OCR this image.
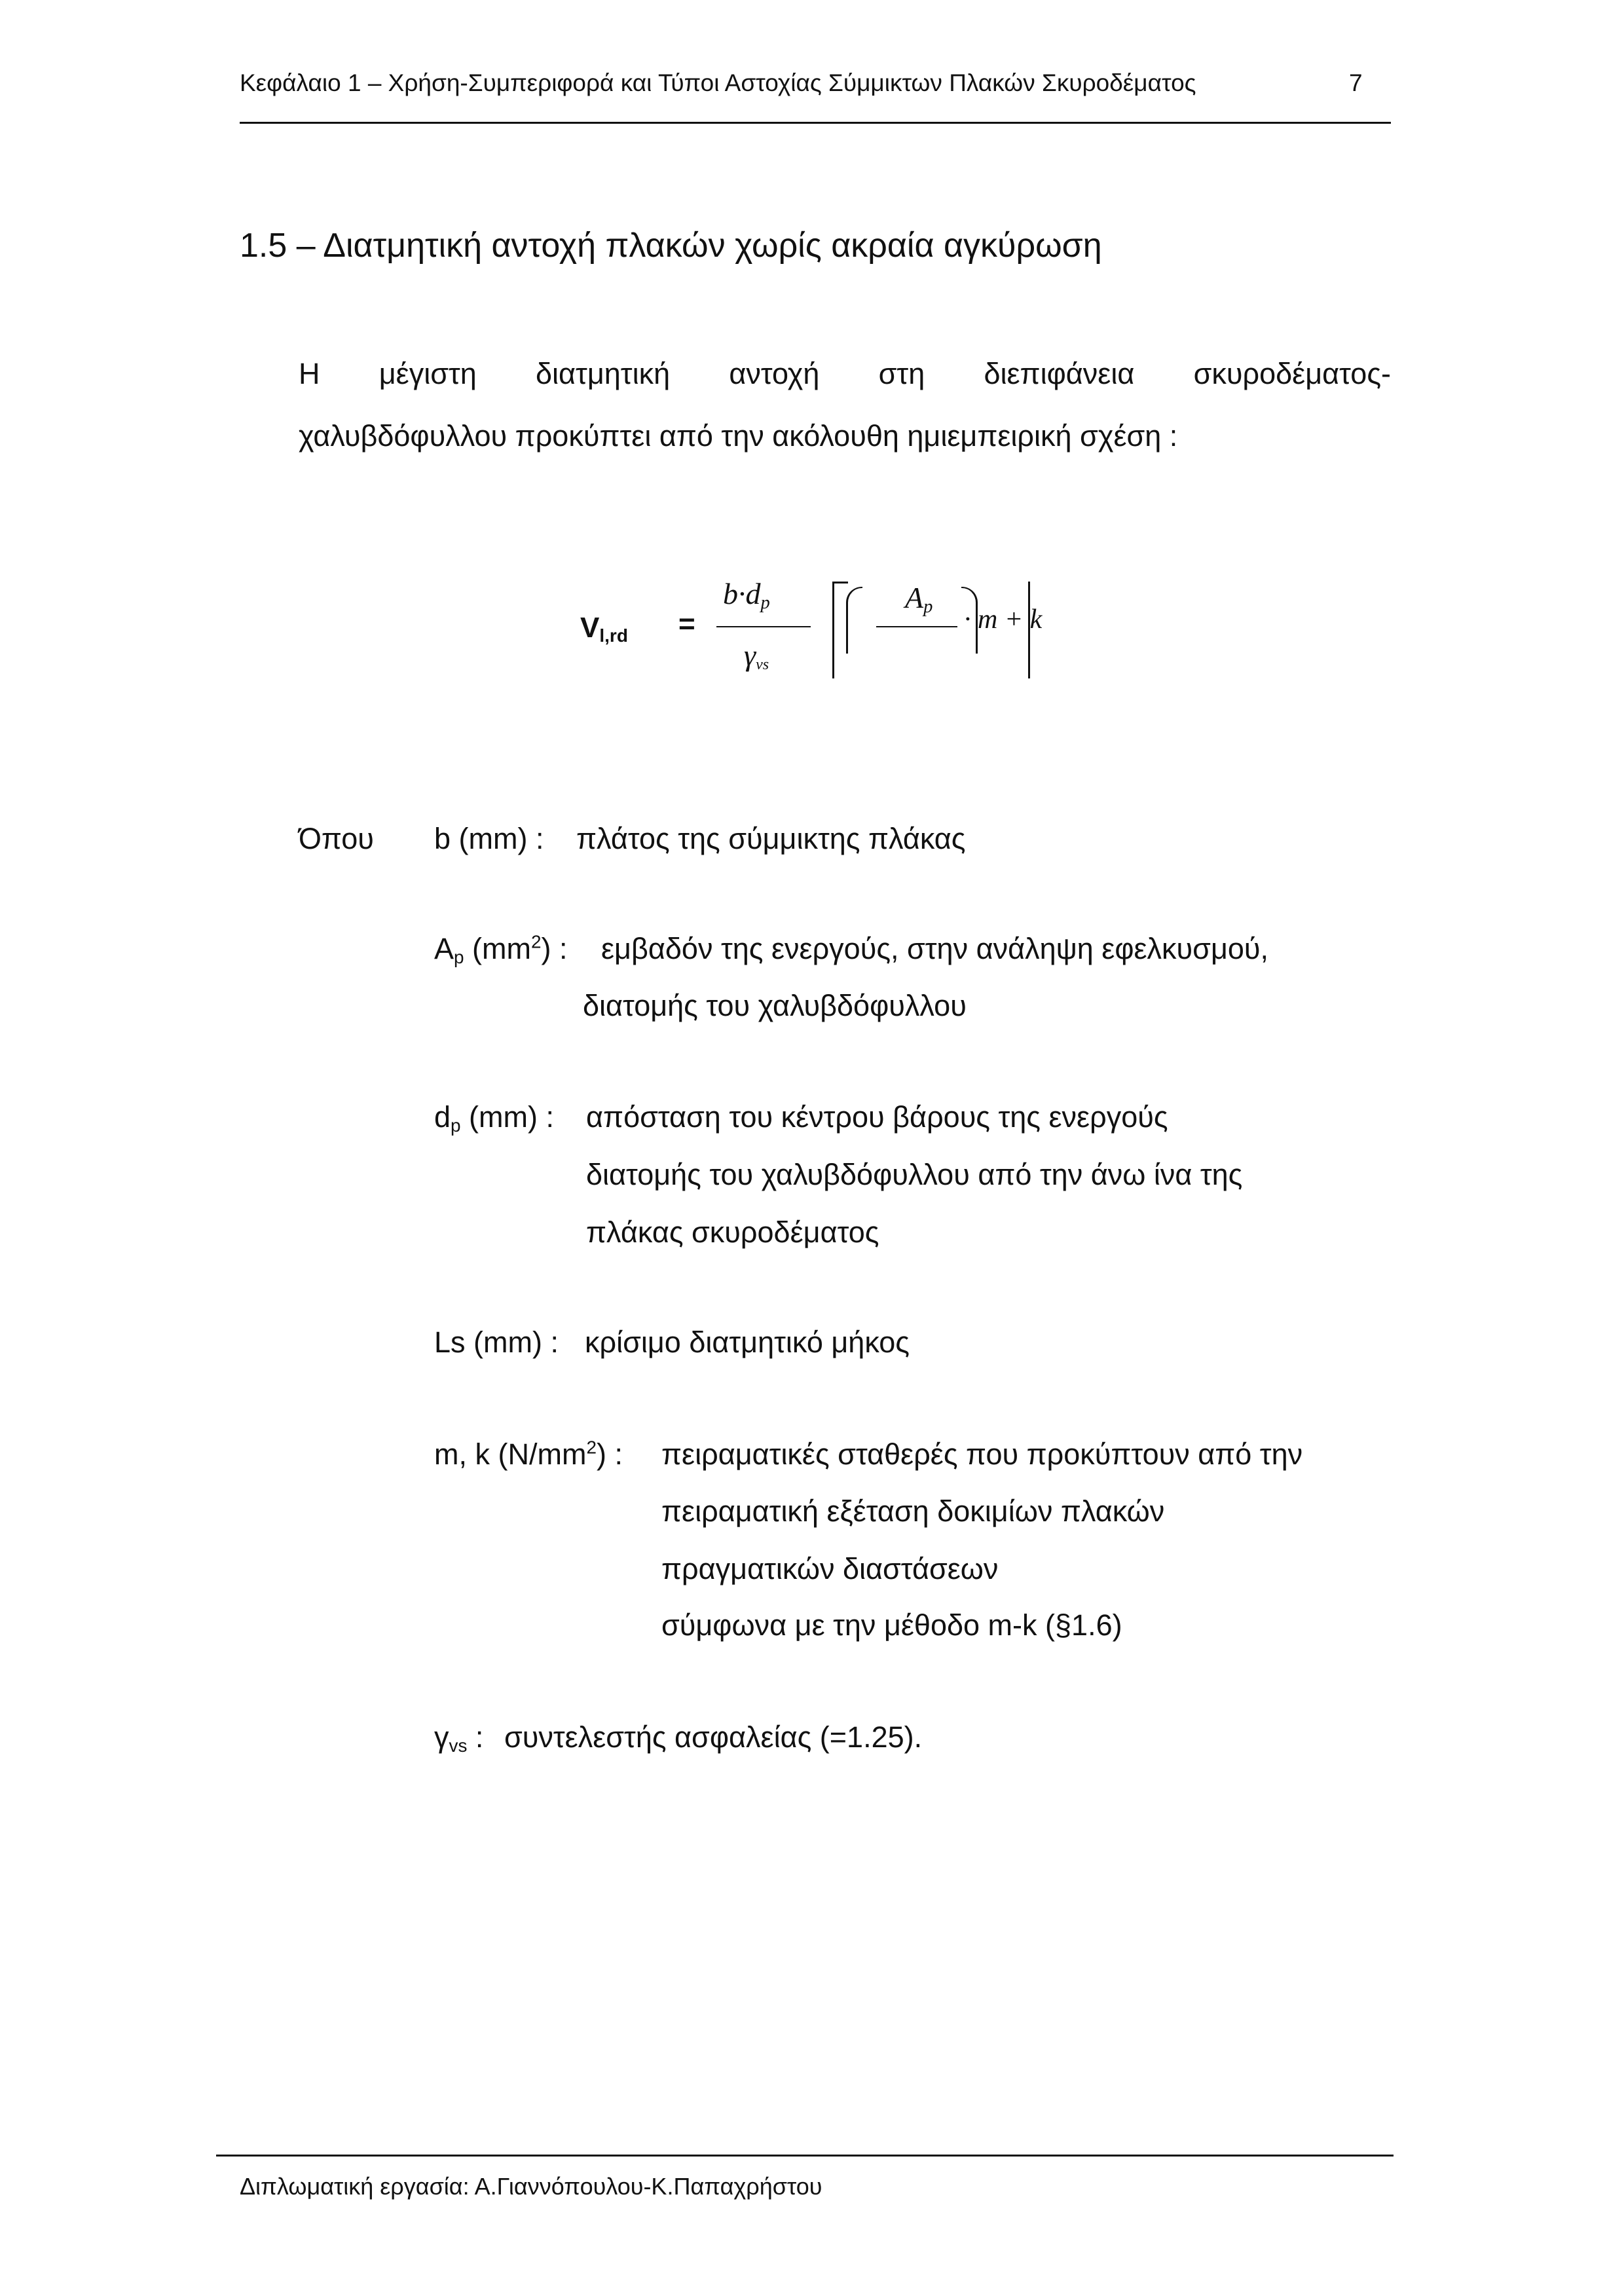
Κεφάλαιο 1 – Χρήση-Συμπεριφορά και Τύποι Αστοχίας Σύμμικτων Πλακών Σκυροδέματος	7
1.5 – Διατμητική αντοχή πλακών χωρίς ακραία αγκύρωση
Η μέγιστη διατμητική αντοχή στη διεπιφάνεια σκυροδέματος-
χαλυβδόφυλλου προκύπτει από την ακόλουθη ημιεμπειρική σχέση :
$V_{l,rd}$ =
$b\cdot d_p$
$\gamma_{vs}$
$A_p \cdot m + k$
Όπου b (mm) : πλάτος της σύμμικτης πλάκας
$A_p$ $(mm^2)$ : εμβαδόν της ενεργούς, στην ανάληψη εφελκυσμού,
διατομής του χαλυβδόφυλλου
$d_p$ (mm) : απόσταση του κέντρου βάρους της ενεργούς
διατομής του χαλυβδόφυλλου από την άνω ίνα της
πλάκας σκυροδέματος
Ls (mm) : κρίσιμο διατμητικό μήκος
m, k $(N/mm^2)$ : πειραματικές σταθερές που προκύπτουν από την
πειραματική εξέταση δοκιμίων πλακών
πραγματικών διαστάσεων
σύμφωνα με την μέθοδο m-k (§1.6)
$\gamma_{vs}$ : συντελεστής ασφαλείας (=1.25).
Διπλωματική εργασία: Α.Γιαννόπουλου-Κ.Παπαχρήστου
